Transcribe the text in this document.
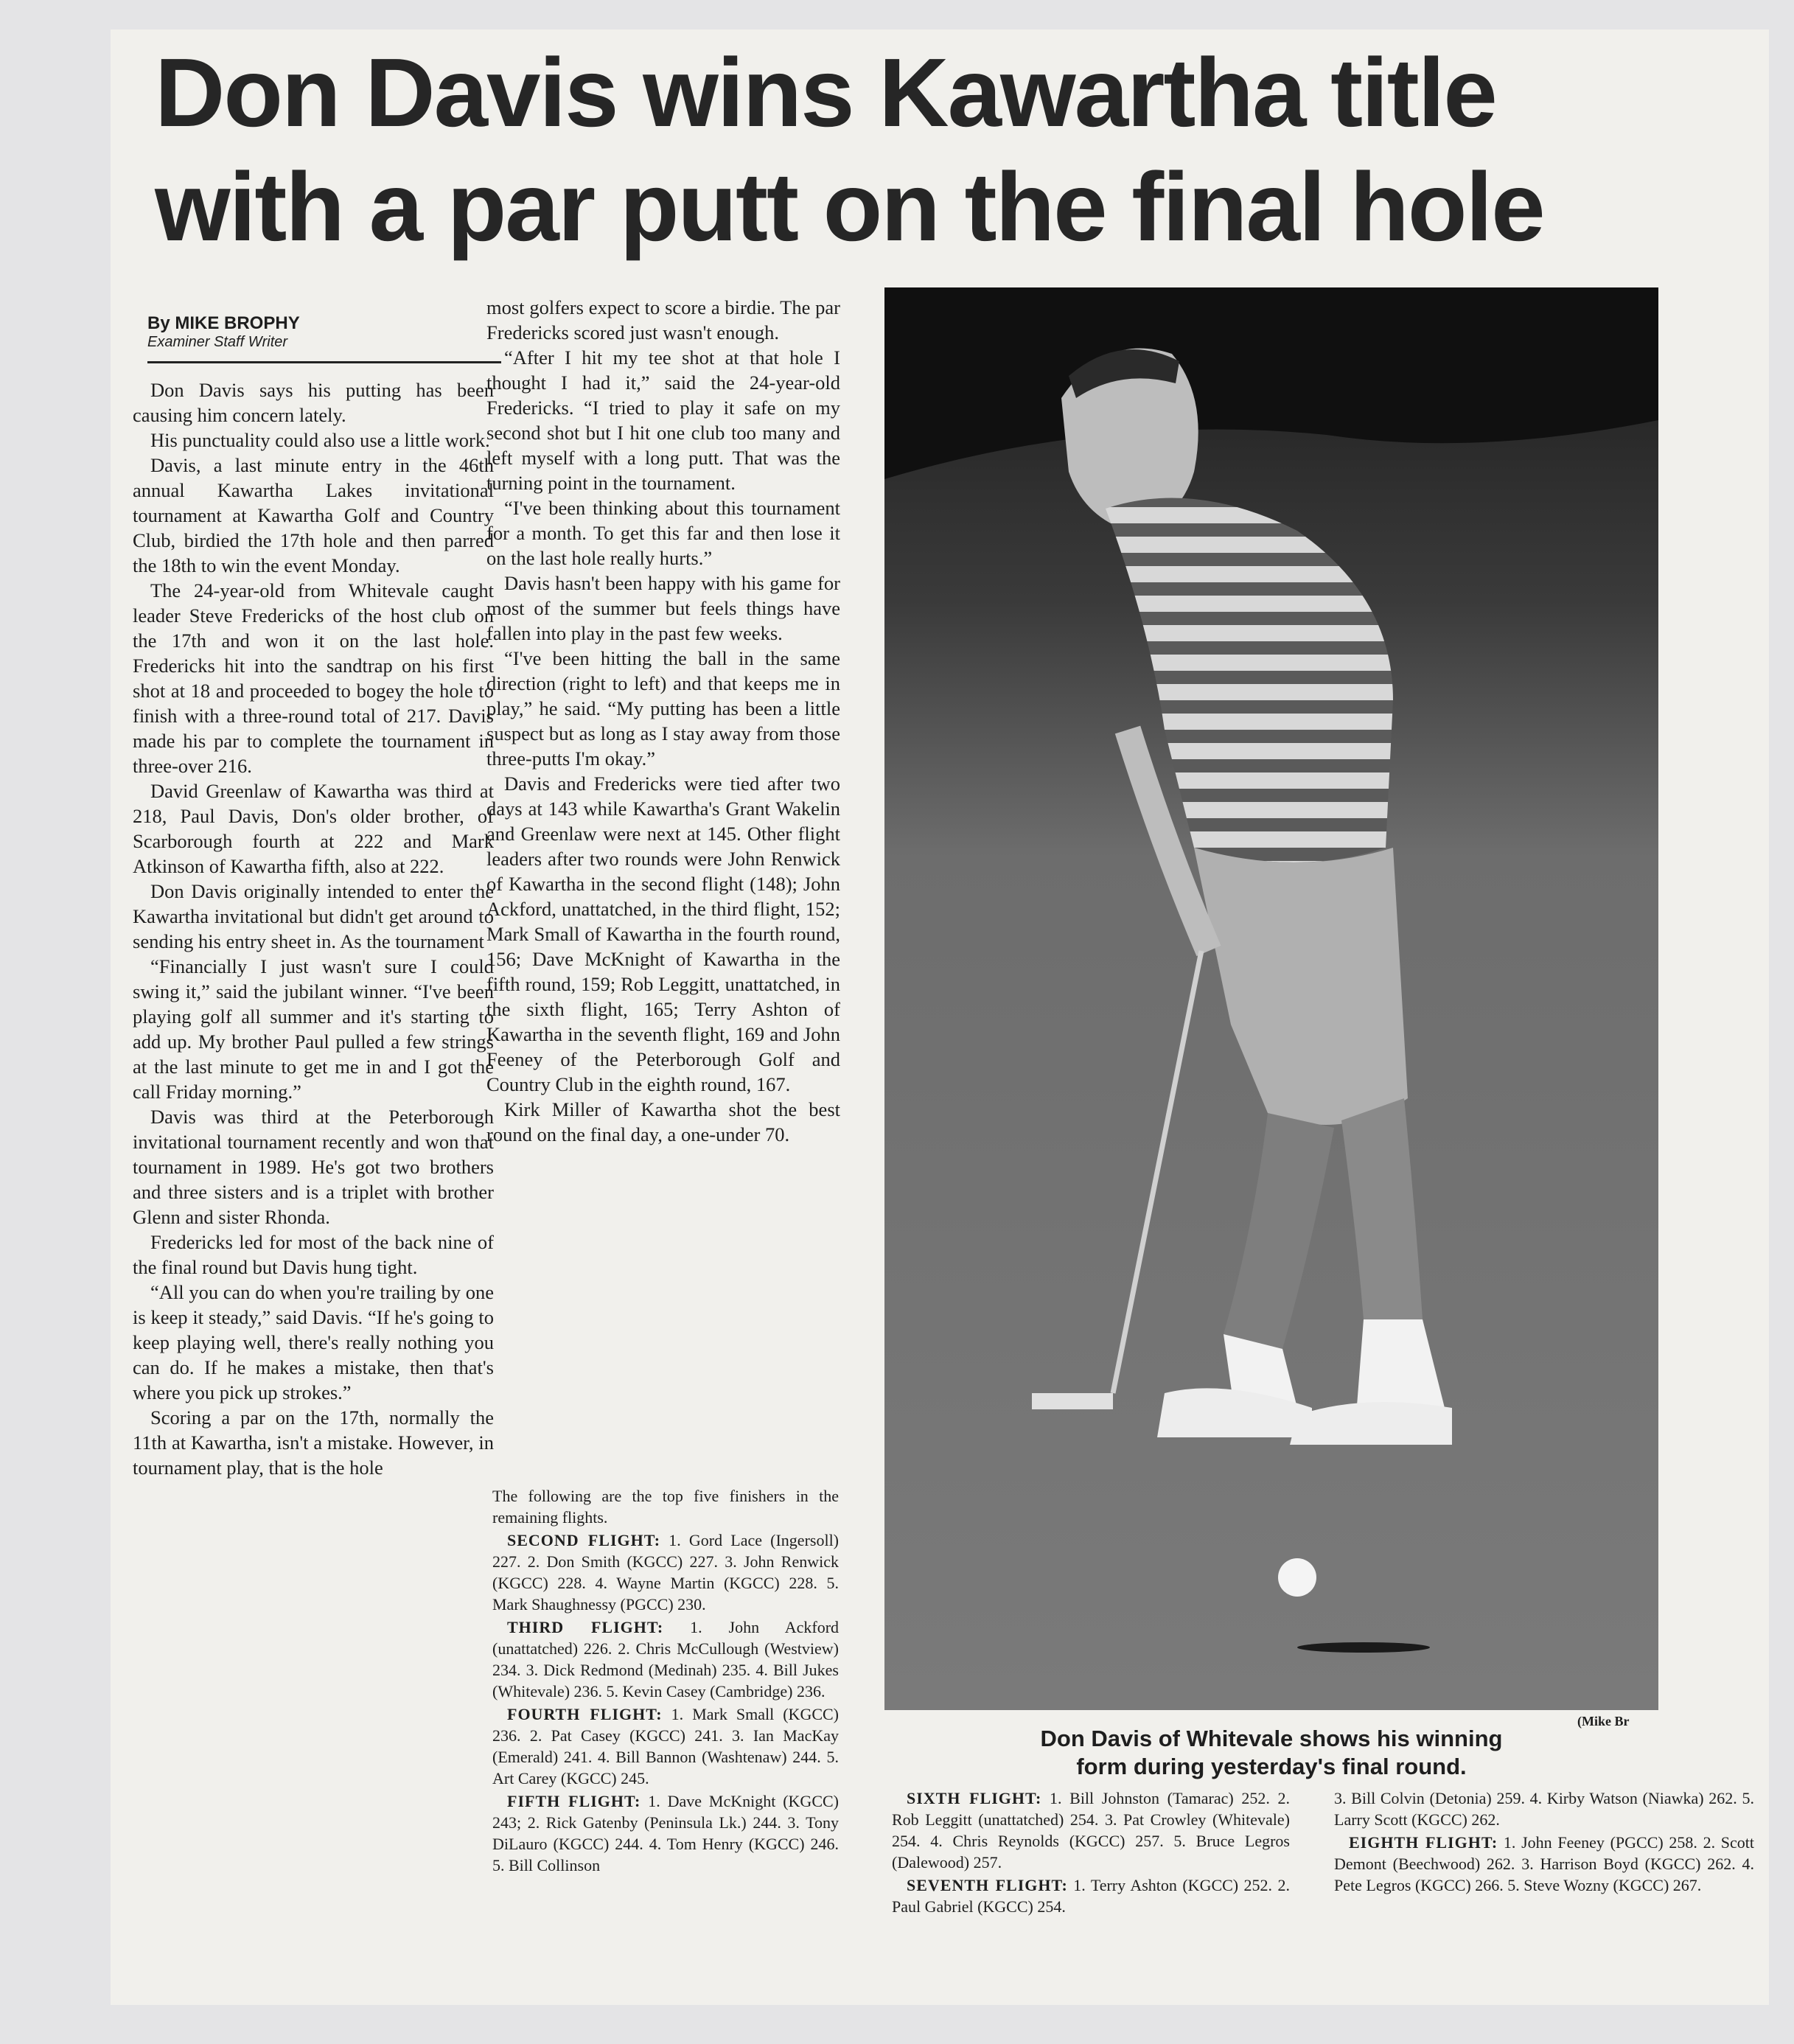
Don Davis wins Kawartha title
with a par putt on the final hole
By MIKE BROPHY
Examiner Staff Writer

Don Davis says his putting has been causing him concern lately.

His punctuality could also use a little work.

Davis, a last minute entry in the 46th annual Kawartha Lakes invitational tournament at Kawartha Golf and Country Club, birdied the 17th hole and then parred the 18th to win the event Monday.

The 24-year-old from Whitevale caught leader Steve Fredericks of the host club on the 17th and won it on the last hole. Fredericks hit into the sandtrap on his first shot at 18 and proceeded to bogey the hole to finish with a three-round total of 217. Davis made his par to complete the tournament in three-over 216.

David Greenlaw of Kawartha was third at 218, Paul Davis, Don's older brother, of Scarborough fourth at 222 and Mark Atkinson of Kawartha fifth, also at 222.

Don Davis originally intended to enter the Kawartha invitational but didn't get around to sending his entry sheet in. As the tournament

“Financially I just wasn't sure I could swing it,” said the jubilant winner. “I've been playing golf all summer and it's starting to add up. My brother Paul pulled a few strings at the last minute to get me in and I got the call Friday morning.”

Davis was third at the Peterborough invitational tournament recently and won that tournament in 1989. He's got two brothers and three sisters and is a triplet with brother Glenn and sister Rhonda.

Fredericks led for most of the back nine of the final round but Davis hung tight.

“All you can do when you're trailing by one is keep it steady,” said Davis. “If he's going to keep playing well, there's really nothing you can do. If he makes a mistake, then that's where you pick up strokes.”

Scoring a par on the 17th, normally the 11th at Kawartha, isn't a mistake. However, in tournament play, that is the hole

most golfers expect to score a birdie. The par Fredericks scored just wasn't enough.

“After I hit my tee shot at that hole I thought I had it,” said the 24-year-old Fredericks. “I tried to play it safe on my second shot but I hit one club too many and left myself with a long putt. That was the turning point in the tournament.

“I've been thinking about this tournament for a month. To get this far and then lose it on the last hole really hurts.”

Davis hasn't been happy with his game for most of the summer but feels things have fallen into play in the past few weeks.

“I've been hitting the ball in the same direction (right to left) and that keeps me in play,” he said. “My putting has been a little suspect but as long as I stay away from those three-putts I'm okay.”

Davis and Fredericks were tied after two days at 143 while Kawartha's Grant Wakelin and Greenlaw were next at 145. Other flight leaders after two rounds were John Renwick of Kawartha in the second flight (148); John Ackford, unattatched, in the third flight, 152; Mark Small of Kawartha in the fourth round, 156; Dave McKnight of Kawartha in the fifth round, 159; Rob Leggitt, unattatched, in the sixth flight, 165; Terry Ashton of Kawartha in the seventh flight, 169 and John Feeney of the Peterborough Golf and Country Club in the eighth round, 167.

Kirk Miller of Kawartha shot the best round on the final day, a one-under 70.

The following are the top five finishers in the remaining flights.

SECOND FLIGHT: 1. Gord Lace (Ingersoll) 227. 2. Don Smith (KGCC) 227. 3. John Renwick (KGCC) 228. 4. Wayne Martin (KGCC) 228. 5. Mark Shaughnessy (PGCC) 230.

THIRD FLIGHT: 1. John Ackford (unattatched) 226. 2. Chris McCullough (Westview) 234. 3. Dick Redmond (Medinah) 235. 4. Bill Jukes (Whitevale) 236. 5. Kevin Casey (Cambridge) 236.

FOURTH FLIGHT: 1. Mark Small (KGCC) 236. 2. Pat Casey (KGCC) 241. 3. Ian MacKay (Emerald) 241. 4. Bill Bannon (Washtenaw) 244. 5. Art Carey (KGCC) 245.

FIFTH FLIGHT: 1. Dave McKnight (KGCC) 243; 2. Rick Gatenby (Peninsula Lk.) 244. 3. Tony DiLauro (KGCC) 244. 4. Tom Henry (KGCC) 246. 5. Bill Collinson

(Mike Br
Don Davis of Whitevale shows his winning
form during yesterday's final round.

SIXTH FLIGHT: 1. Bill Johnston (Tamarac) 252. 2. Rob Leggitt (unattatched) 254. 3. Pat Crowley (Whitevale) 254. 4. Chris Reynolds (KGCC) 257. 5. Bruce Legros (Dalewood) 257.

SEVENTH FLIGHT: 1. Terry Ashton (KGCC) 252. 2. Paul Gabriel (KGCC) 254.

3. Bill Colvin (Detonia) 259. 4. Kirby Watson (Niawka) 262. 5. Larry Scott (KGCC) 262.

EIGHTH FLIGHT: 1. John Feeney (PGCC) 258. 2. Scott Demont (Beechwood) 262. 3. Harrison Boyd (KGCC) 262. 4. Pete Legros (KGCC) 266. 5. Steve Wozny (KGCC) 267.
